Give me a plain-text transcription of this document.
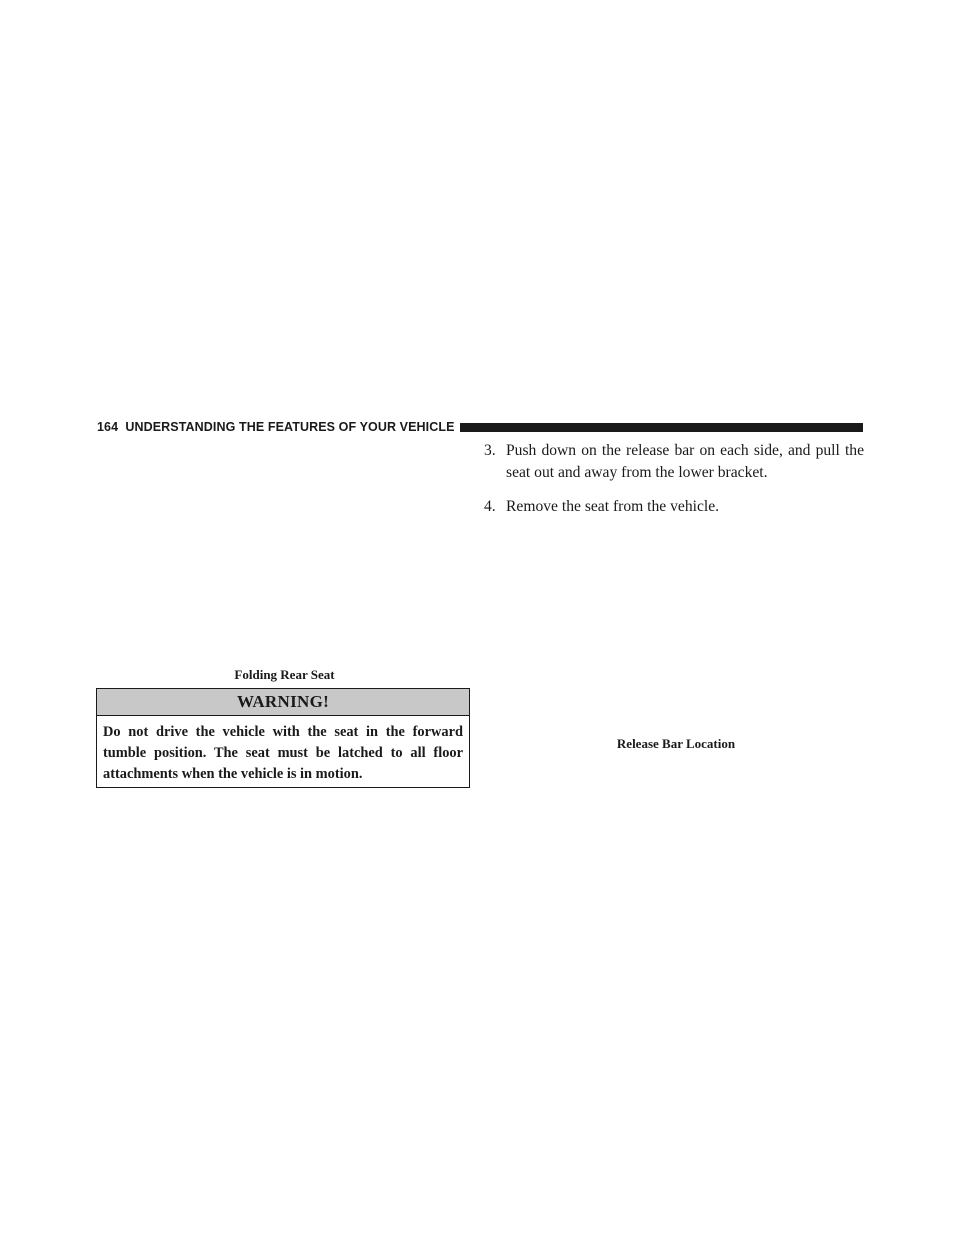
164 UNDERSTANDING THE FEATURES OF YOUR VEHICLE
Folding Rear Seat
WARNING!
Do not drive the vehicle with the seat in the forward tumble position. The seat must be latched to all floor attachments when the vehicle is in motion.
3. Push down on the release bar on each side, and pull the seat out and away from the lower bracket.
4. Remove the seat from the vehicle.
Release Bar Location
